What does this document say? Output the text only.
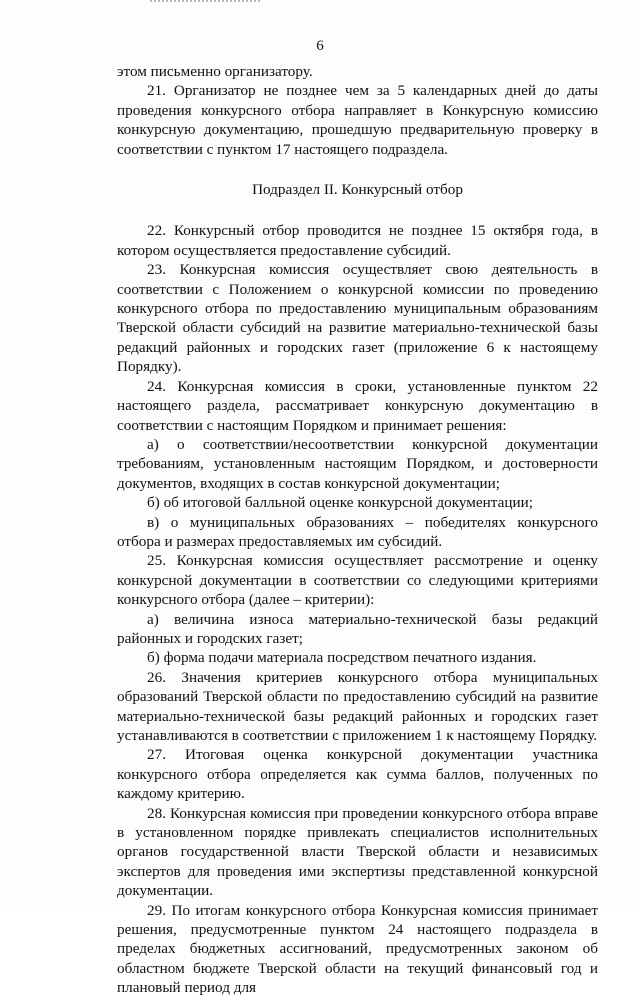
6

этом письменно организатору.

21. Организатор не позднее чем за 5 календарных дней до даты проведения конкурсного отбора направляет в Конкурсную комиссию конкурсную документацию, прошедшую предварительную проверку в соответствии с пунктом 17 настоящего подраздела.

Подраздел II. Конкурсный отбор

22. Конкурсный отбор проводится не позднее 15 октября года, в котором осуществляется предоставление субсидий.

23. Конкурсная комиссия осуществляет свою деятельность в соответствии с Положением о конкурсной комиссии по проведению конкурсного отбора по предоставлению муниципальным образованиям Тверской области субсидий на развитие материально-технической базы редакций районных и городских газет (приложение 6 к настоящему Порядку).

24. Конкурсная комиссия в сроки, установленные пунктом 22 настоящего раздела, рассматривает конкурсную документацию в соответствии с настоящим Порядком и принимает решения:

а) о соответствии/несоответствии конкурсной документации требованиям, установленным настоящим Порядком, и достоверности документов, входящих в состав конкурсной документации;

б) об итоговой балльной оценке конкурсной документации;

в) о муниципальных образованиях – победителях конкурсного отбора и размерах предоставляемых им субсидий.

25. Конкурсная комиссия осуществляет рассмотрение и оценку конкурсной документации в соответствии со следующими критериями конкурсного отбора (далее – критерии):

а) величина износа материально-технической базы редакций районных и городских газет;

б) форма подачи материала посредством печатного издания.

26. Значения критериев конкурсного отбора муниципальных образований Тверской области по предоставлению субсидий на развитие материально-технической базы редакций районных и городских газет устанавливаются в соответствии с приложением 1 к настоящему Порядку.

27. Итоговая оценка конкурсной документации участника конкурсного отбора определяется как сумма баллов, полученных по каждому критерию.

28. Конкурсная комиссия при проведении конкурсного отбора вправе в установленном порядке привлекать специалистов исполнительных органов государственной власти Тверской области и независимых экспертов для проведения ими экспертизы представленной конкурсной документации.

29. По итогам конкурсного отбора Конкурсная комиссия принимает решения, предусмотренные пунктом 24 настоящего подраздела в пределах бюджетных ассигнований, предусмотренных законом об областном бюджете Тверской области на текущий финансовый год и плановый период для
